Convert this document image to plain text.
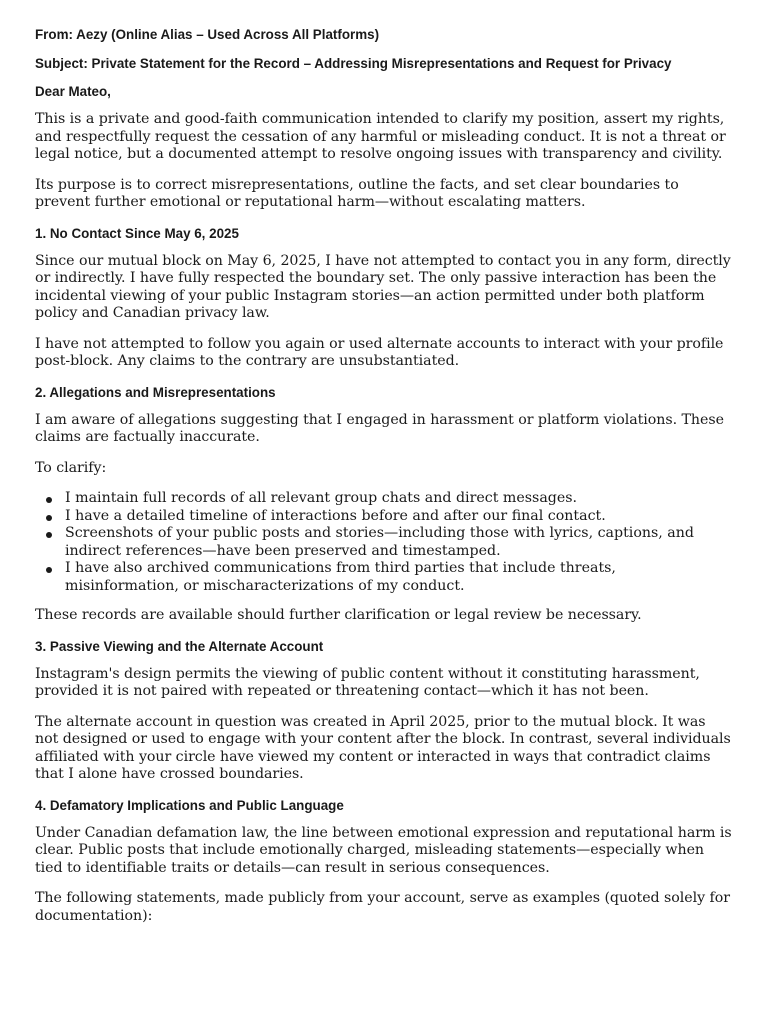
From: Aezy (Online Alias – Used Across All Platforms)

Subject: Private Statement for the Record – Addressing Misrepresentations and Request for Privacy

Dear Mateo,

This is a private and good-faith communication intended to clarify my position, assert my rights, and respectfully request the cessation of any harmful or misleading conduct. It is not a threat or legal notice, but a documented attempt to resolve ongoing issues with transparency and civility.

Its purpose is to correct misrepresentations, outline the facts, and set clear boundaries to prevent further emotional or reputational harm—without escalating matters.

1. No Contact Since May 6, 2025

Since our mutual block on May 6, 2025, I have not attempted to contact you in any form, directly or indirectly. I have fully respected the boundary set. The only passive interaction has been the incidental viewing of your public Instagram stories—an action permitted under both platform policy and Canadian privacy law.

I have not attempted to follow you again or used alternate accounts to interact with your profile post-block. Any claims to the contrary are unsubstantiated.

2. Allegations and Misrepresentations

I am aware of allegations suggesting that I engaged in harassment or platform violations. These claims are factually inaccurate.

To clarify:

I maintain full records of all relevant group chats and direct messages.
I have a detailed timeline of interactions before and after our final contact.
Screenshots of your public posts and stories—including those with lyrics, captions, and indirect references—have been preserved and timestamped.
I have also archived communications from third parties that include threats, misinformation, or mischaracterizations of my conduct.

These records are available should further clarification or legal review be necessary.

3. Passive Viewing and the Alternate Account

Instagram's design permits the viewing of public content without it constituting harassment, provided it is not paired with repeated or threatening contact—which it has not been.

The alternate account in question was created in April 2025, prior to the mutual block. It was not designed or used to engage with your content after the block. In contrast, several individuals affiliated with your circle have viewed my content or interacted in ways that contradict claims that I alone have crossed boundaries.

4. Defamatory Implications and Public Language

Under Canadian defamation law, the line between emotional expression and reputational harm is clear. Public posts that include emotionally charged, misleading statements—especially when tied to identifiable traits or details—can result in serious consequences.

The following statements, made publicly from your account, serve as examples (quoted solely for documentation):
